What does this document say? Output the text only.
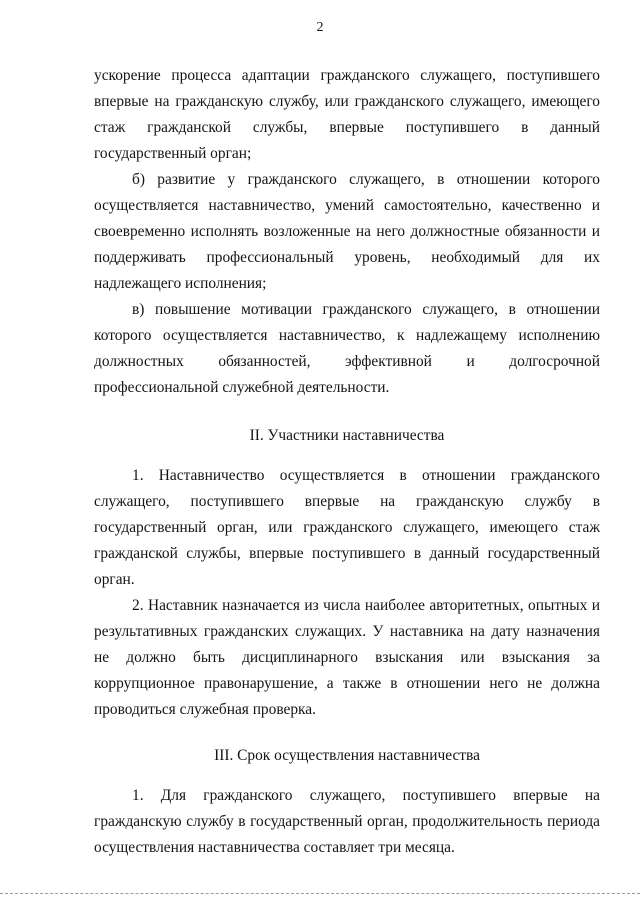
2

ускорение процесса адаптации гражданского служащего, поступившего впервые на гражданскую службу, или гражданского служащего, имеющего стаж гражданской службы, впервые поступившего в данный государственный орган;

б) развитие у гражданского служащего, в отношении которого осуществляется наставничество, умений самостоятельно, качественно и своевременно исполнять возложенные на него должностные обязанности и поддерживать профессиональный уровень, необходимый для их надлежащего исполнения;

в) повышение мотивации гражданского служащего, в отношении которого осуществляется наставничество, к надлежащему исполнению должностных обязанностей, эффективной и долгосрочной профессиональной служебной деятельности.

II. Участники наставничества

1. Наставничество осуществляется в отношении гражданского служащего, поступившего впервые на гражданскую службу в государственный орган, или гражданского служащего, имеющего стаж гражданской службы, впервые поступившего в данный государственный орган.

2. Наставник назначается из числа наиболее авторитетных, опытных и результативных гражданских служащих. У наставника на дату назначения не должно быть дисциплинарного взыскания или взыскания за коррупционное правонарушение, а также в отношении него не должна проводиться служебная проверка.

III. Срок осуществления наставничества

1. Для гражданского служащего, поступившего впервые на гражданскую службу в государственный орган, продолжительность периода осуществления наставничества составляет три месяца.
